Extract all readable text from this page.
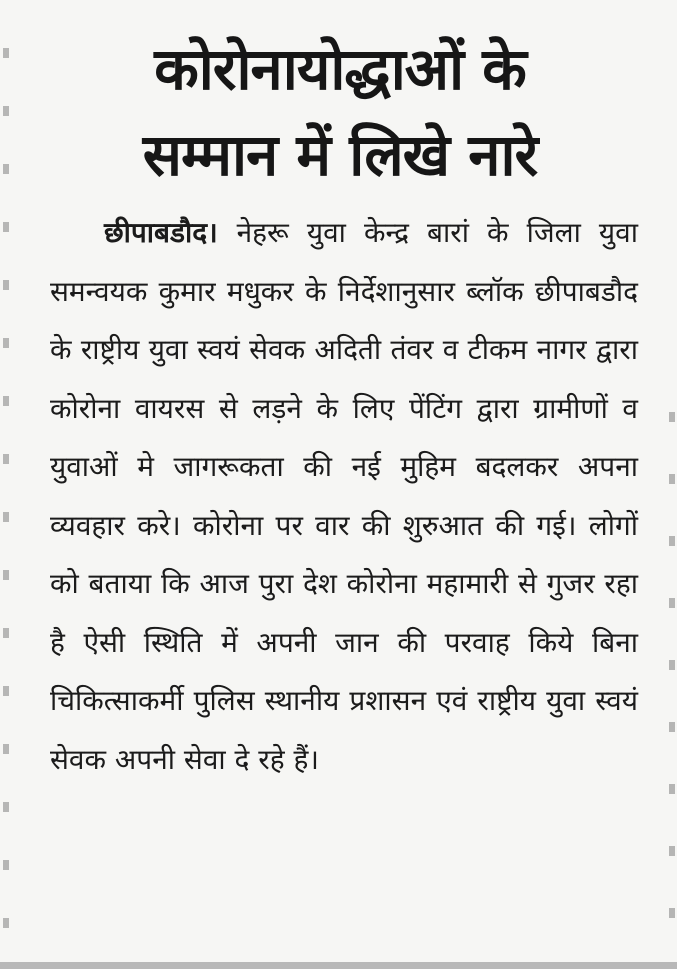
कोरोनायोद्धाओं के
सम्मान में लिखे नारे
छीपाबडौद। नेहरू युवा केन्द्र बारां के जिला युवा समन्वयक कुमार मधुकर के निर्देशानुसार ब्लॉक छीपाबडौद के राष्ट्रीय युवा स्वयं सेवक अदिती तंवर व टीकम नागर द्वारा कोरोना वायरस से लड़ने के लिए पेंटिंग द्वारा ग्रामीणों व युवाओं मे जागरूकता की नई मुहिम बदलकर अपना व्यवहार करे। कोरोना पर वार की शुरुआत की गई। लोगों को बताया कि आज पुरा देश कोरोना महामारी से गुजर रहा है ऐसी स्थिति में अपनी जान की परवाह किये बिना चिकित्साकर्मी पुलिस स्थानीय प्रशासन एवं राष्ट्रीय युवा स्वयं सेवक अपनी सेवा दे रहे हैं।
